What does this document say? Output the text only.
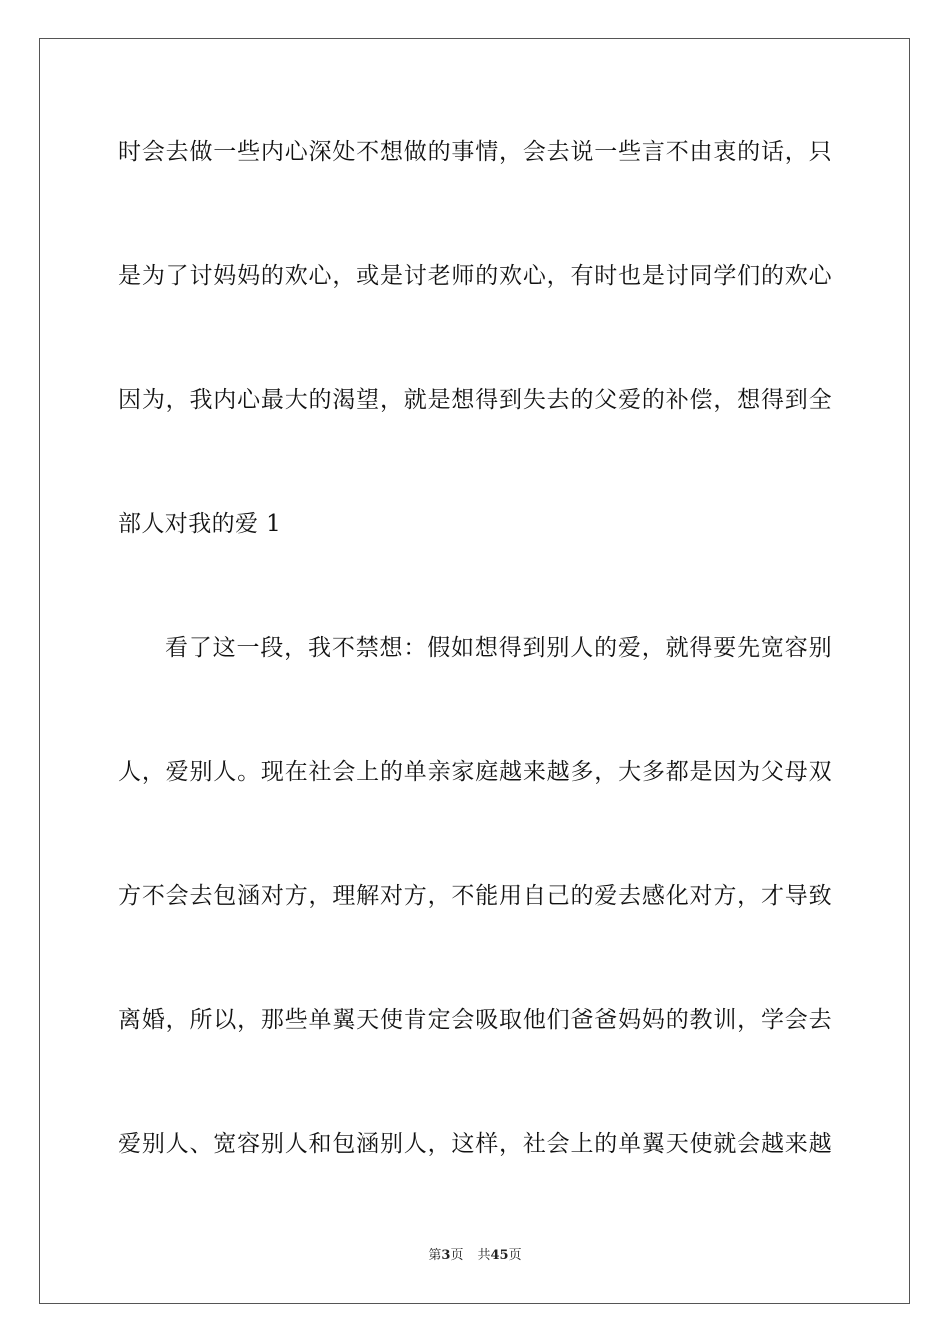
时会去做一些内心深处不想做的事情，会去说一些言不由衷的话，只
是为了讨妈妈的欢心，或是讨老师的欢心，有时也是讨同学们的欢心
因为，我内心最大的渴望，就是想得到失去的父爱的补偿，想得到全
部人对我的爱 1
看了这一段，我不禁想：假如想得到别人的爱，就得要先宽容别
人，爱别人。现在社会上的单亲家庭越来越多，大多都是因为父母双
方不会去包涵对方，理解对方，不能用自己的爱去感化对方，才导致
离婚，所以，那些单翼天使肯定会吸取他们爸爸妈妈的教训，学会去
爱别人、宽容别人和包涵别人，这样，社会上的单翼天使就会越来越
第3页 共45页
